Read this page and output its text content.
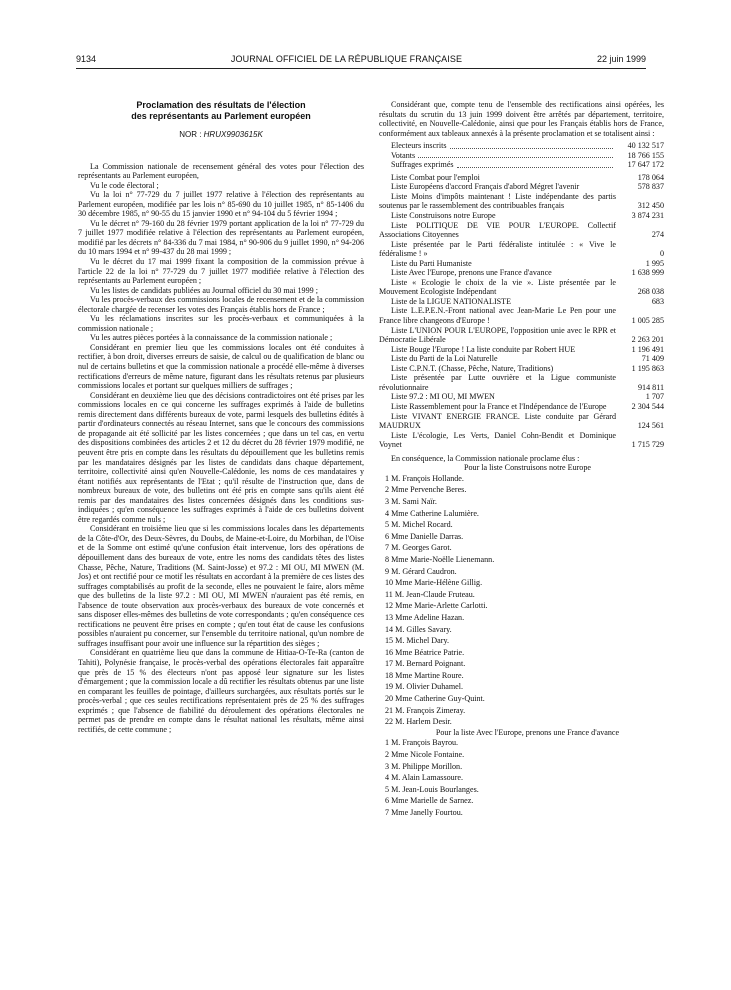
9134	JOURNAL OFFICIEL DE LA RÉPUBLIQUE FRANÇAISE	22 juin 1999
Proclamation des résultats de l'élection
des représentants au Parlement européen
NOR : HRUX9903615K

La Commission nationale de recensement général des votes pour l'élection des représentants au Parlement européen,

Vu le code électoral ;

Vu la loi n° 77-729 du 7 juillet 1977 relative à l'élection des représentants au Parlement européen, modifiée par les lois n° 85-690 du 10 juillet 1985, n° 85-1406 du 30 décembre 1985, n° 90-55 du 15 janvier 1990 et n° 94-104 du 5 février 1994 ;

Vu le décret n° 79-160 du 28 février 1979 portant application de la loi n° 77-729 du 7 juillet 1977 modifiée relative à l'élection des représentants au Parlement européen, modifié par les décrets n° 84-336 du 7 mai 1984, n° 90-906 du 9 juillet 1990, n° 94-206 du 10 mars 1994 et n° 99-437 du 28 mai 1999 ;

Vu le décret du 17 mai 1999 fixant la composition de la commission prévue à l'article 22 de la loi n° 77-729 du 7 juillet 1977 modifiée relative à l'élection des représentants au Parlement européen ;

Vu les listes de candidats publiées au Journal officiel du 30 mai 1999 ;

Vu les procès-verbaux des commissions locales de recensement et de la commission électorale chargée de recenser les votes des Français établis hors de France ;

Vu les réclamations inscrites sur les procès-verbaux et communiquées à la commission nationale ;

Vu les autres pièces portées à la connaissance de la commission nationale ;

Considérant en premier lieu que les commissions locales ont été conduites à rectifier, à bon droit, diverses erreurs de saisie, de calcul ou de qualification de blanc ou nul de certains bulletins et que la commission nationale a procédé elle-même à diverses rectifications d'erreurs de même nature, figurant dans les résultats retenus par plusieurs commissions locales et portant sur quelques milliers de suffrages ;

Considérant en deuxième lieu que des décisions contradictoires ont été prises par les commissions locales en ce qui concerne les suffrages exprimés à l'aide de bulletins remis directement dans différents bureaux de vote, parmi lesquels des bulletins édités à partir d'ordinateurs connectés au réseau Internet, sans que le concours des commissions de propagande ait été sollicité par les listes concernées ; que dans un tel cas, en vertu des dispositions combinées des articles 2 et 12 du décret du 28 février 1979 modifié, ne peuvent être pris en compte dans les résultats du dépouillement que les bulletins remis par les mandataires désignés par les listes de candidats dans chaque département, territoire, collectivité ainsi qu'en Nouvelle-Calédonie, les noms de ces mandataires y étant notifiés aux représentants de l'Etat ; qu'il résulte de l'instruction que, dans de nombreux bureaux de vote, des bulletins ont été pris en compte sans qu'ils aient été remis par des mandataires des listes concernées désignés dans les conditions sus-indiquées ; qu'en conséquence les suffrages exprimés à l'aide de ces bulletins doivent être regardés comme nuls ;

Considérant en troisième lieu que si les commissions locales dans les départements de la Côte-d'Or, des Deux-Sèvres, du Doubs, de Maine-et-Loire, du Morbihan, de l'Oise et de la Somme ont estimé qu'une confusion était intervenue, lors des opérations de dépouillement dans des bureaux de vote, entre les noms des candidats têtes des listes Chasse, Pêche, Nature, Traditions (M. Saint-Josse) et 97.2 : MI OU, MI MWEN (M. Jos) et ont rectifié pour ce motif les résultats en accordant à la première de ces listes des suffrages comptabilisés au profit de la seconde, elles ne pouvaient le faire, alors même que des bulletins de la liste 97.2 : MI OU, MI MWEN n'auraient pas été remis, en l'absence de toute observation aux procès-verbaux des bureaux de vote concernés et sans disposer elles-mêmes des bulletins de vote correspondants ; qu'en conséquence ces rectifications ne peuvent être prises en compte ; qu'en tout état de cause les confusions possibles n'auraient pu concerner, sur l'ensemble du territoire national, qu'un nombre de suffrages insuffisant pour avoir une influence sur la répartition des sièges ;

Considérant en quatrième lieu que dans la commune de Hitiaa-O-Te-Ra (canton de Tahiti), Polynésie française, le procès-verbal des opérations électorales fait apparaître que près de 15 % des électeurs n'ont pas apposé leur signature sur les listes d'émargement ; que la commission locale a dû rectifier les résultats obtenus par une liste en comparant les feuilles de pointage, d'ailleurs surchargées, aux résultats portés sur le procès-verbal ; que ces seules rectifications représentaient près de 25 % des suffrages exprimés ; que l'absence de fiabilité du déroulement des opérations électorales ne permet pas de prendre en compte dans le résultat national les résultats, même ainsi rectifiés, de cette commune ;

Considérant que, compte tenu de l'ensemble des rectifications ainsi opérées, les résultats du scrutin du 13 juin 1999 doivent être arrêtés par département, territoire, collectivité, en Nouvelle-Calédonie, ainsi que pour les Français établis hors de France, conformément aux tableaux annexés à la présente proclamation et se totalisent ainsi :

Electeurs inscrits	40 132 517
Votants	18 766 155
Suffrages exprimés	17 647 172
Liste Combat pour l'emploi	178 064
Liste Européens d'accord Français d'abord Mégret l'avenir	578 837
Liste Moins d'impôts maintenant ! Liste indépendante des partis soutenus par le rassemblement des contribuables français	312 450
Liste Construisons notre Europe	3 874 231
Liste POLITIQUE DE VIE POUR L'EUROPE. Collectif Associations Citoyennes	274
Liste présentée par le Parti fédéraliste intitulée : « Vive le fédéralisme ! »	0
Liste du Parti Humaniste	1 995
Liste Avec l'Europe, prenons une France d'avance	1 638 999
Liste « Ecologie le choix de la vie ». Liste présentée par le Mouvement Ecologiste Indépendant	268 038
Liste de la LIGUE NATIONALISTE	683
Liste L.E.P.E.N.-Front national avec Jean-Marie Le Pen pour une France libre changeons d'Europe !	1 005 285
Liste L'UNION POUR L'EUROPE, l'opposition unie avec le RPR et Démocratie Libérale	2 263 201
Liste Bouge l'Europe ! La liste conduite par Robert HUE	1 196 491
Liste du Parti de la Loi Naturelle	71 409
Liste C.P.N.T. (Chasse, Pêche, Nature, Traditions)	1 195 863
Liste présentée par Lutte ouvrière et la Ligue communiste révolutionnaire	914 811
Liste 97.2 : MI OU, MI MWEN	1 707
Liste Rassemblement pour la France et l'Indépendance de l'Europe	2 304 544
Liste VIVANT ENERGIE FRANCE. Liste conduite par Gérard MAUDRUX	124 561
Liste L'écologie, Les Verts, Daniel Cohn-Bendit et Dominique Voynet	1 715 729

En conséquence, la Commission nationale proclame élus :

Pour la liste Construisons notre Europe

1 M. François Hollande.
2 Mme Pervenche Beres.
3 M. Sami Naïr.
4 Mme Catherine Lalumière.
5 M. Michel Rocard.
6 Mme Danielle Darras.
7 M. Georges Garot.
8 Mme Marie-Noëlle Lienemann.
9 M. Gérard Caudron.
10 Mme Marie-Hélène Gillig.
11 M. Jean-Claude Fruteau.
12 Mme Marie-Arlette Carlotti.
13 Mme Adeline Hazan.
14 M. Gilles Savary.
15 M. Michel Dary.
16 Mme Béatrice Patrie.
17 M. Bernard Poignant.
18 Mme Martine Roure.
19 M. Olivier Duhamel.
20 Mme Catherine Guy-Quint.
21 M. François Zimeray.
22 M. Harlem Desir.

Pour la liste Avec l'Europe, prenons une France d'avance

1 M. François Bayrou.
2 Mme Nicole Fontaine.
3 M. Philippe Morillon.
4 M. Alain Lamassoure.
5 M. Jean-Louis Bourlanges.
6 Mme Marielle de Sarnez.
7 Mme Janelly Fourtou.
